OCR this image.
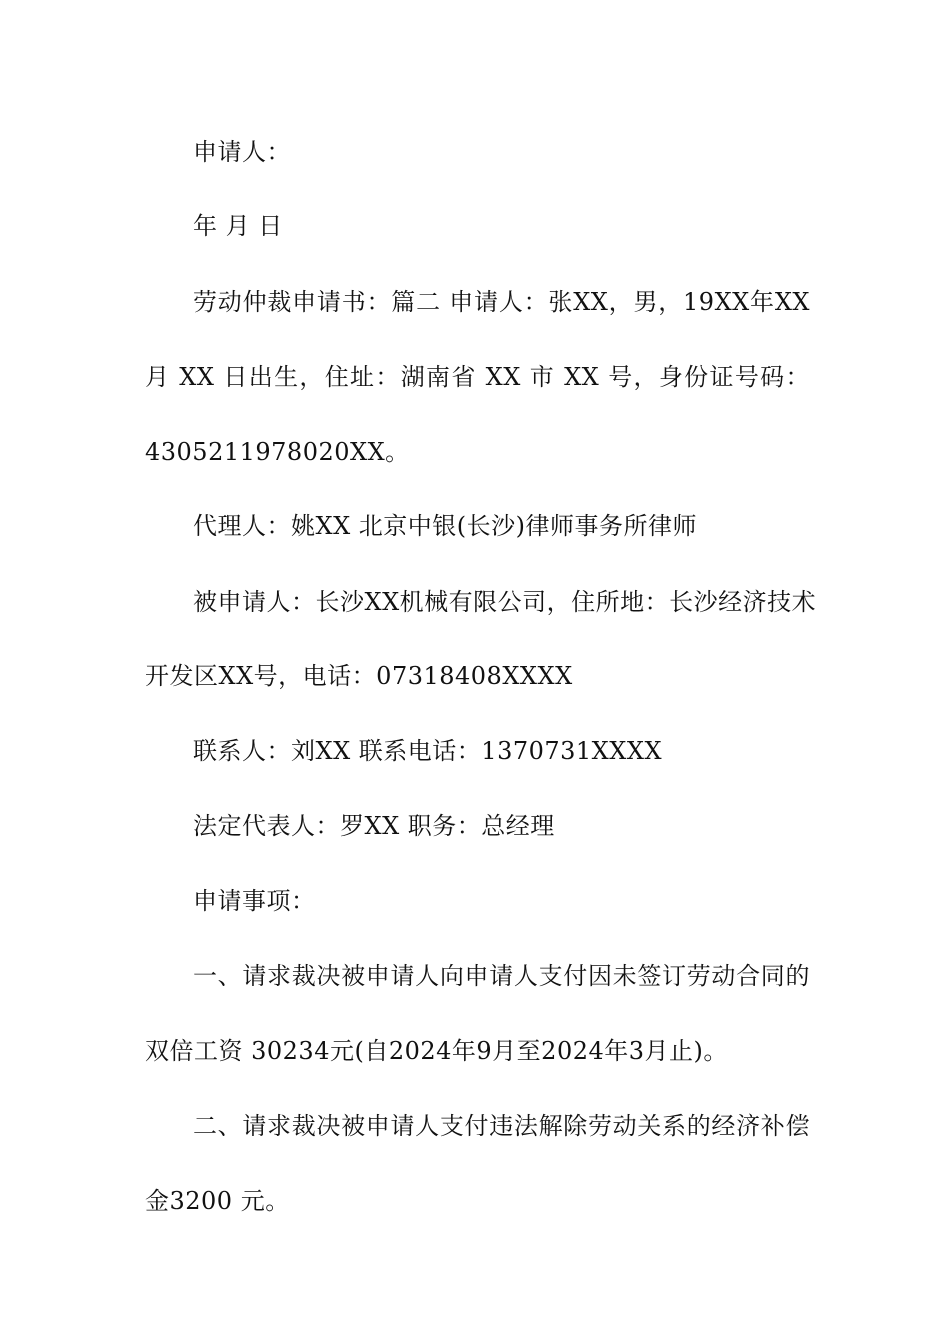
申请人：
年 月 日
劳动仲裁申请书：篇二 申请人：张XX，男，19XX年XX
月 XX 日出生，住址：湖南省 XX 市 XX 号，身份证号码：
4305211978020XX。
代理人：姚XX 北京中银(长沙)律师事务所律师
被申请人：长沙XX机械有限公司，住所地：长沙经济技术
开发区XX号，电话：07318408XXXX
联系人：刘XX 联系电话：1370731XXXX
法定代表人：罗XX 职务：总经理
申请事项：
一、请求裁决被申请人向申请人支付因未签订劳动合同的
双倍工资 30234元(自2024年9月至2024年3月止)。
二、请求裁决被申请人支付违法解除劳动关系的经济补偿
金3200 元。
